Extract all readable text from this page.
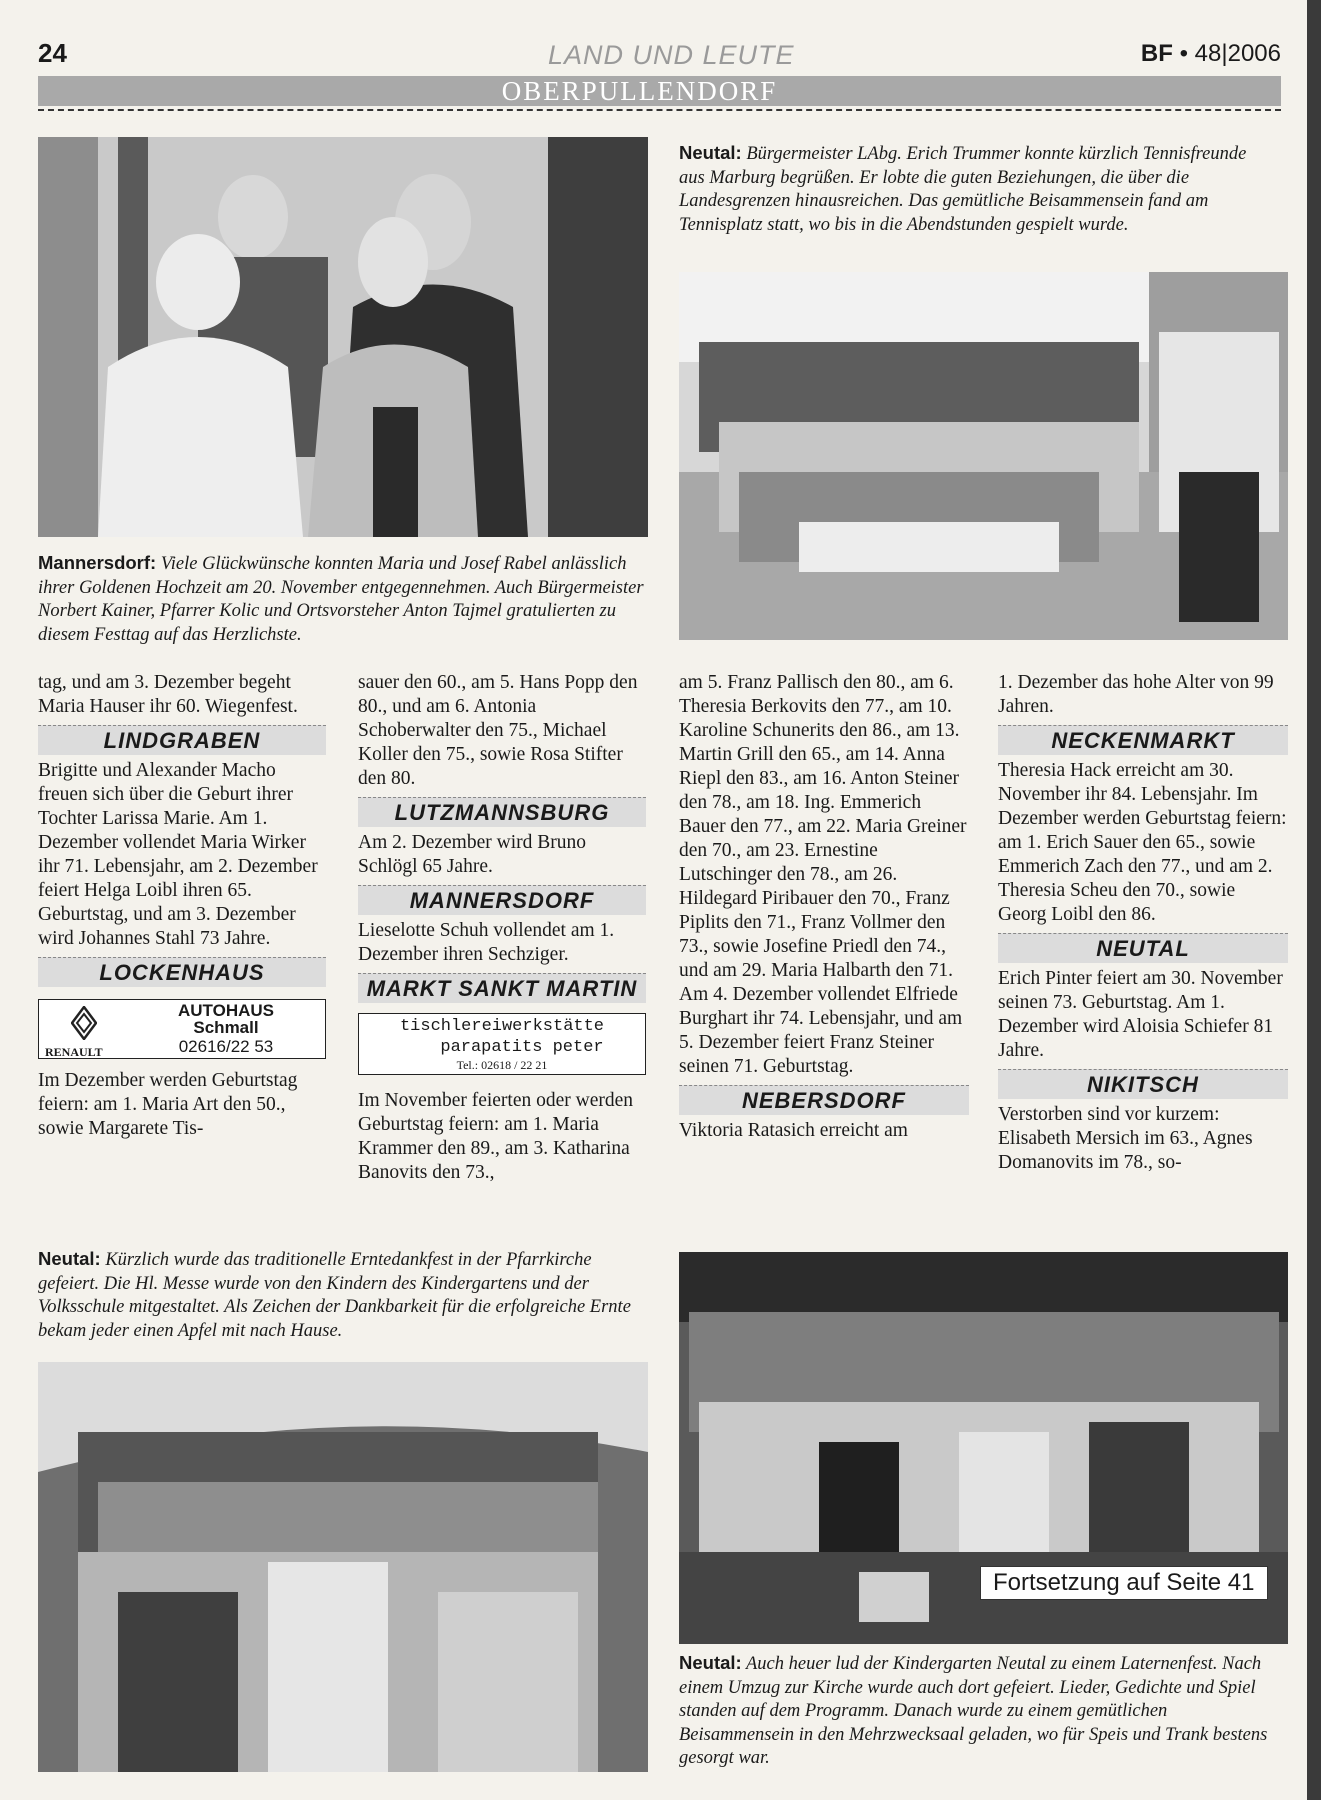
24	LAND UND LEUTE	BF • 48|2006
OBERPULLENDORF
Mannersdorf: Viele Glückwünsche konnten Maria und Josef Rabel anlässlich ihrer Goldenen Hochzeit am 20. November entgegennehmen. Auch Bürgermeister Norbert Kainer, Pfarrer Kolic und Ortsvorsteher Anton Tajmel gratulierten zu diesem Festtag auf das Herzlichste.
Neutal: Bürgermeister LAbg. Erich Trummer konnte kürzlich Tennisfreunde aus Marburg begrüßen. Er lobte die guten Beziehungen, die über die Landesgrenzen hinausreichen. Das gemütliche Beisammensein fand am Tennisplatz statt, wo bis in die Abendstunden gespielt wurde.

tag, und am 3. Dezember begeht Maria Hauser ihr 60. Wiegenfest.

LINDGRABEN

Brigitte und Alexander Macho freuen sich über die Geburt ihrer Tochter Larissa Marie. Am 1. Dezember vollendet Maria Wirker ihr 71. Lebensjahr, am 2. Dezember feiert Helga Loibl ihren 65. Geburtstag, und am 3. Dezember wird Johannes Stahl 73 Jahre.

LOCKENHAUS
RENAULT
AUTOHAUS
Schmall
02616/22 53

Im Dezember werden Geburtstag feiern: am 1. Maria Art den 50., sowie Margarete Tis-

sauer den 60., am 5. Hans Popp den 80., und am 6. Antonia Schoberwalter den 75., Michael Koller den 75., sowie Rosa Stifter den 80.

LUTZMANNSBURG

Am 2. Dezember wird Bruno Schlögl 65 Jahre.

MANNERSDORF

Lieselotte Schuh vollendet am 1. Dezember ihren Sechziger.

MARKT SANKT MARTIN
tischlereiwerkstätte
parapatits peter
Tel.: 02618 / 22 21

Im November feierten oder werden Geburtstag feiern: am 1. Maria Krammer den 89., am 3. Katharina Banovits den 73.,

am 5. Franz Pallisch den 80., am 6. Theresia Berkovits den 77., am 10. Karoline Schunerits den 86., am 13. Martin Grill den 65., am 14. Anna Riepl den 83., am 16. Anton Steiner den 78., am 18. Ing. Emmerich Bauer den 77., am 22. Maria Greiner den 70., am 23. Ernestine Lutschinger den 78., am 26. Hildegard Piribauer den 70., Franz Piplits den 71., Franz Vollmer den 73., sowie Josefine Priedl den 74., und am 29. Maria Halbarth den 71. Am 4. Dezember vollendet Elfriede Burghart ihr 74. Lebensjahr, und am 5. Dezember feiert Franz Steiner seinen 71. Geburtstag.

NEBERSDORF

Viktoria Ratasich erreicht am

1. Dezember das hohe Alter von 99 Jahren.

NECKENMARKT

Theresia Hack erreicht am 30. November ihr 84. Lebensjahr. Im Dezember werden Geburtstag feiern: am 1. Erich Sauer den 65., sowie Emmerich Zach den 77., und am 2. Theresia Scheu den 70., sowie Georg Loibl den 86.

NEUTAL

Erich Pinter feiert am 30. November seinen 73. Geburtstag. Am 1. Dezember wird Aloisia Schiefer 81 Jahre.

NIKITSCH

Verstorben sind vor kurzem: Elisabeth Mersich im 63., Agnes Domanovits im 78., so-

Neutal: Kürzlich wurde das traditionelle Erntedankfest in der Pfarrkirche gefeiert. Die Hl. Messe wurde von den Kindern des Kindergartens und der Volksschule mitgestaltet. Als Zeichen der Dankbarkeit für die erfolgreiche Ernte bekam jeder einen Apfel mit nach Hause.
Fortsetzung auf Seite 41
Neutal: Auch heuer lud der Kindergarten Neutal zu einem Laternenfest. Nach einem Umzug zur Kirche wurde auch dort gefeiert. Lieder, Gedichte und Spiel standen auf dem Programm. Danach wurde zu einem gemütlichen Beisammensein in den Mehrzwecksaal geladen, wo für Speis und Trank bestens gesorgt war.
